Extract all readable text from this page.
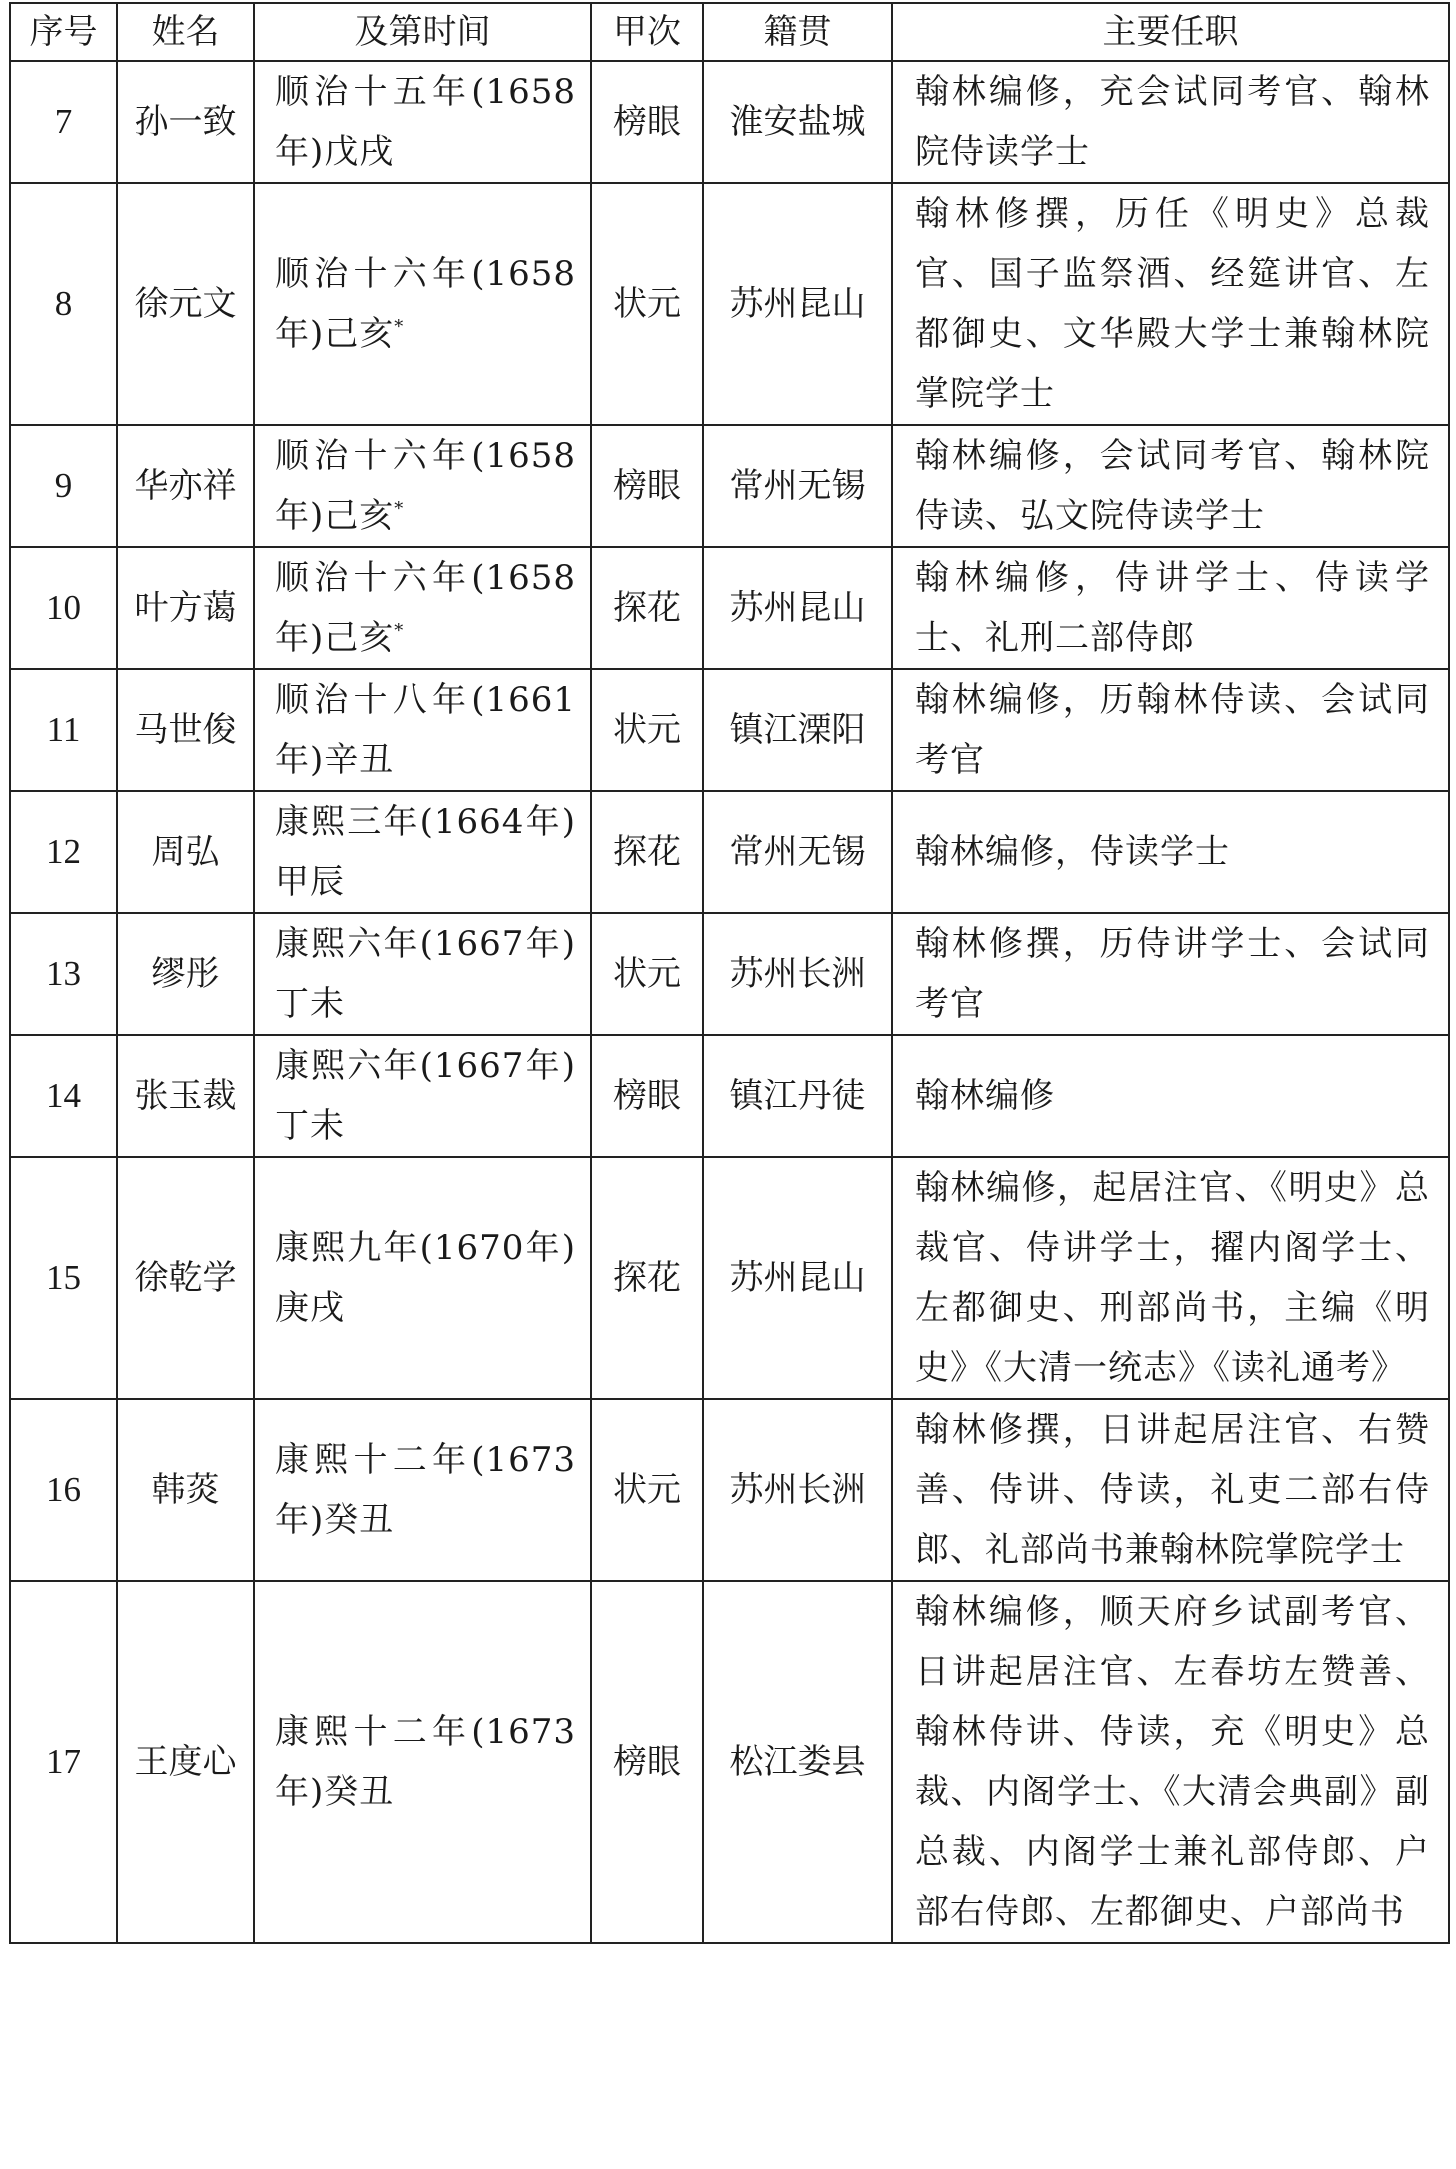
序号	姓名	及第时间	甲次	籍贯	主要任职
7	孙一致	顺治十五年(1658年)戊戌	榜眼	淮安盐城	翰林编修，充会试同考官、翰林院侍读学士
8	徐元文	顺治十六年(1658年)己亥*	状元	苏州昆山	翰林修撰，历任《明史》总裁官、国子监祭酒、经筵讲官、左都御史、文华殿大学士兼翰林院掌院学士
9	华亦祥	顺治十六年(1658年)己亥*	榜眼	常州无锡	翰林编修，会试同考官、翰林院侍读、弘文院侍读学士
10	叶方蔼	顺治十六年(1658年)己亥*	探花	苏州昆山	翰林编修，侍讲学士、侍读学士、礼刑二部侍郎
11	马世俊	顺治十八年(1661年)辛丑	状元	镇江溧阳	翰林编修，历翰林侍读、会试同考官
12	周弘	康熙三年(1664年)甲辰	探花	常州无锡	翰林编修，侍读学士
13	缪彤	康熙六年(1667年)丁未	状元	苏州长洲	翰林修撰，历侍讲学士、会试同考官
14	张玉裁	康熙六年(1667年)丁未	榜眼	镇江丹徒	翰林编修
15	徐乾学	康熙九年(1670年)庚戌	探花	苏州昆山	翰林编修，起居注官、《明史》总裁官、侍讲学士，擢内阁学士、左都御史、刑部尚书，主编《明史》《大清一统志》《读礼通考》
16	韩菼	康熙十二年(1673年)癸丑	状元	苏州长洲	翰林修撰，日讲起居注官、右赞善、侍讲、侍读，礼吏二部右侍郎、礼部尚书兼翰林院掌院学士
17	王度心	康熙十二年(1673年)癸丑	榜眼	松江娄县	翰林编修，顺天府乡试副考官、日讲起居注官、左春坊左赞善、翰林侍讲、侍读，充《明史》总裁、内阁学士、《大清会典副》副总裁、内阁学士兼礼部侍郎、户部右侍郎、左都御史、户部尚书
